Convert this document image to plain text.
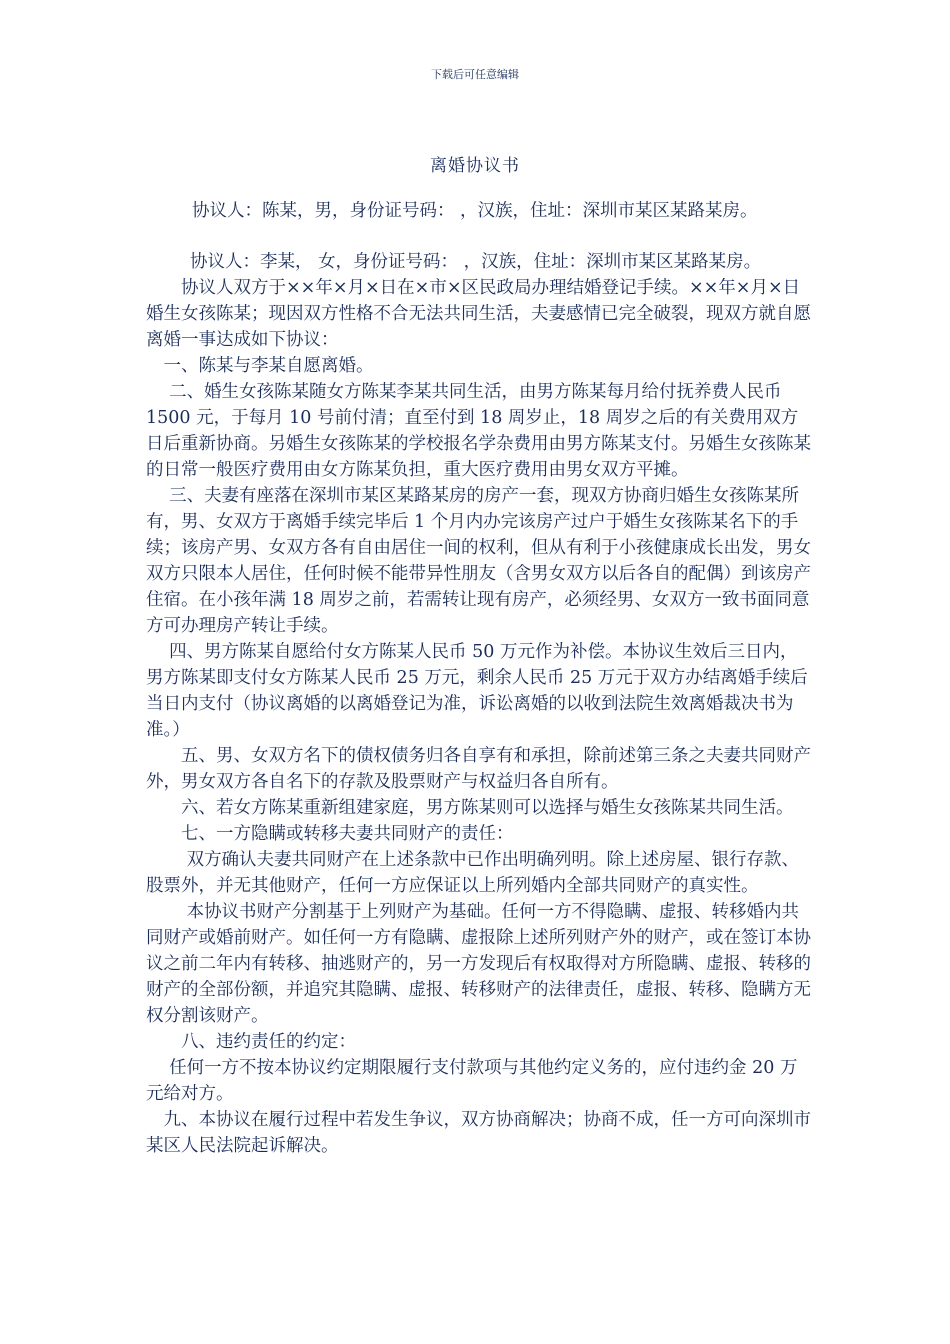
下载后可任意编辑
离婚协议书
协议人：陈某，男，身份证号码： ，汉族，住址：深圳市某区某路某房。
协议人：李某， 女，身份证号码： ，汉族，住址：深圳市某区某路某房。

　　协议人双方于××年×月×日在×市×区民政局办理结婚登记手续。××年×月×日婚生女孩陈某；现因双方性格不合无法共同生活，夫妻感情已完全破裂，现双方就自愿离婚一事达成如下协议：

　一、陈某与李某自愿离婚。

　 二、婚生女孩陈某随女方陈某李某共同生活，由男方陈某每月给付抚养费人民币 1500 元，于每月 10 号前付清；直至付到 18 周岁止，18 周岁之后的有关费用双方日后重新协商。另婚生女孩陈某的学校报名学杂费用由男方陈某支付。另婚生女孩陈某的日常一般医疗费用由女方陈某负担，重大医疗费用由男女双方平摊。

　 三、夫妻有座落在深圳市某区某路某房的房产一套，现双方协商归婚生女孩陈某所有，男、女双方于离婚手续完毕后 1 个月内办完该房产过户于婚生女孩陈某名下的手续；该房产男、女双方各有自由居住一间的权利，但从有利于小孩健康成长出发，男女双方只限本人居住，任何时候不能带异性朋友（含男女双方以后各自的配偶）到该房产住宿。在小孩年满 18 周岁之前，若需转让现有房产，必须经男、女双方一致书面同意方可办理房产转让手续。

　 四、男方陈某自愿给付女方陈某人民币 50 万元作为补偿。本协议生效后三日内，男方陈某即支付女方陈某人民币 25 万元，剩余人民币 25 万元于双方办结离婚手续后当日内支付（协议离婚的以离婚登记为准，诉讼离婚的以收到法院生效离婚裁决书为准。）

　　五、男、女双方名下的债权债务归各自享有和承担，除前述第三条之夫妻共同财产外，男女双方各自名下的存款及股票财产与权益归各自所有。

　　六、若女方陈某重新组建家庭，男方陈某则可以选择与婚生女孩陈某共同生活。

　　七、一方隐瞒或转移夫妻共同财产的责任：

　　 双方确认夫妻共同财产在上述条款中已作出明确列明。除上述房屋、银行存款、股票外，并无其他财产，任何一方应保证以上所列婚内全部共同财产的真实性。

　　 本协议书财产分割基于上列财产为基础。任何一方不得隐瞒、虚报、转移婚内共同财产或婚前财产。如任何一方有隐瞒、虚报除上述所列财产外的财产，或在签订本协议之前二年内有转移、抽逃财产的，另一方发现后有权取得对方所隐瞒、虚报、转移的财产的全部份额，并追究其隐瞒、虚报、转移财产的法律责任，虚报、转移、隐瞒方无权分割该财产。

　　八、违约责任的约定：

　 任何一方不按本协议约定期限履行支付款项与其他约定义务的，应付违约金 20 万元给对方。

　九、本协议在履行过程中若发生争议，双方协商解决；协商不成，任一方可向深圳市某区人民法院起诉解决。
